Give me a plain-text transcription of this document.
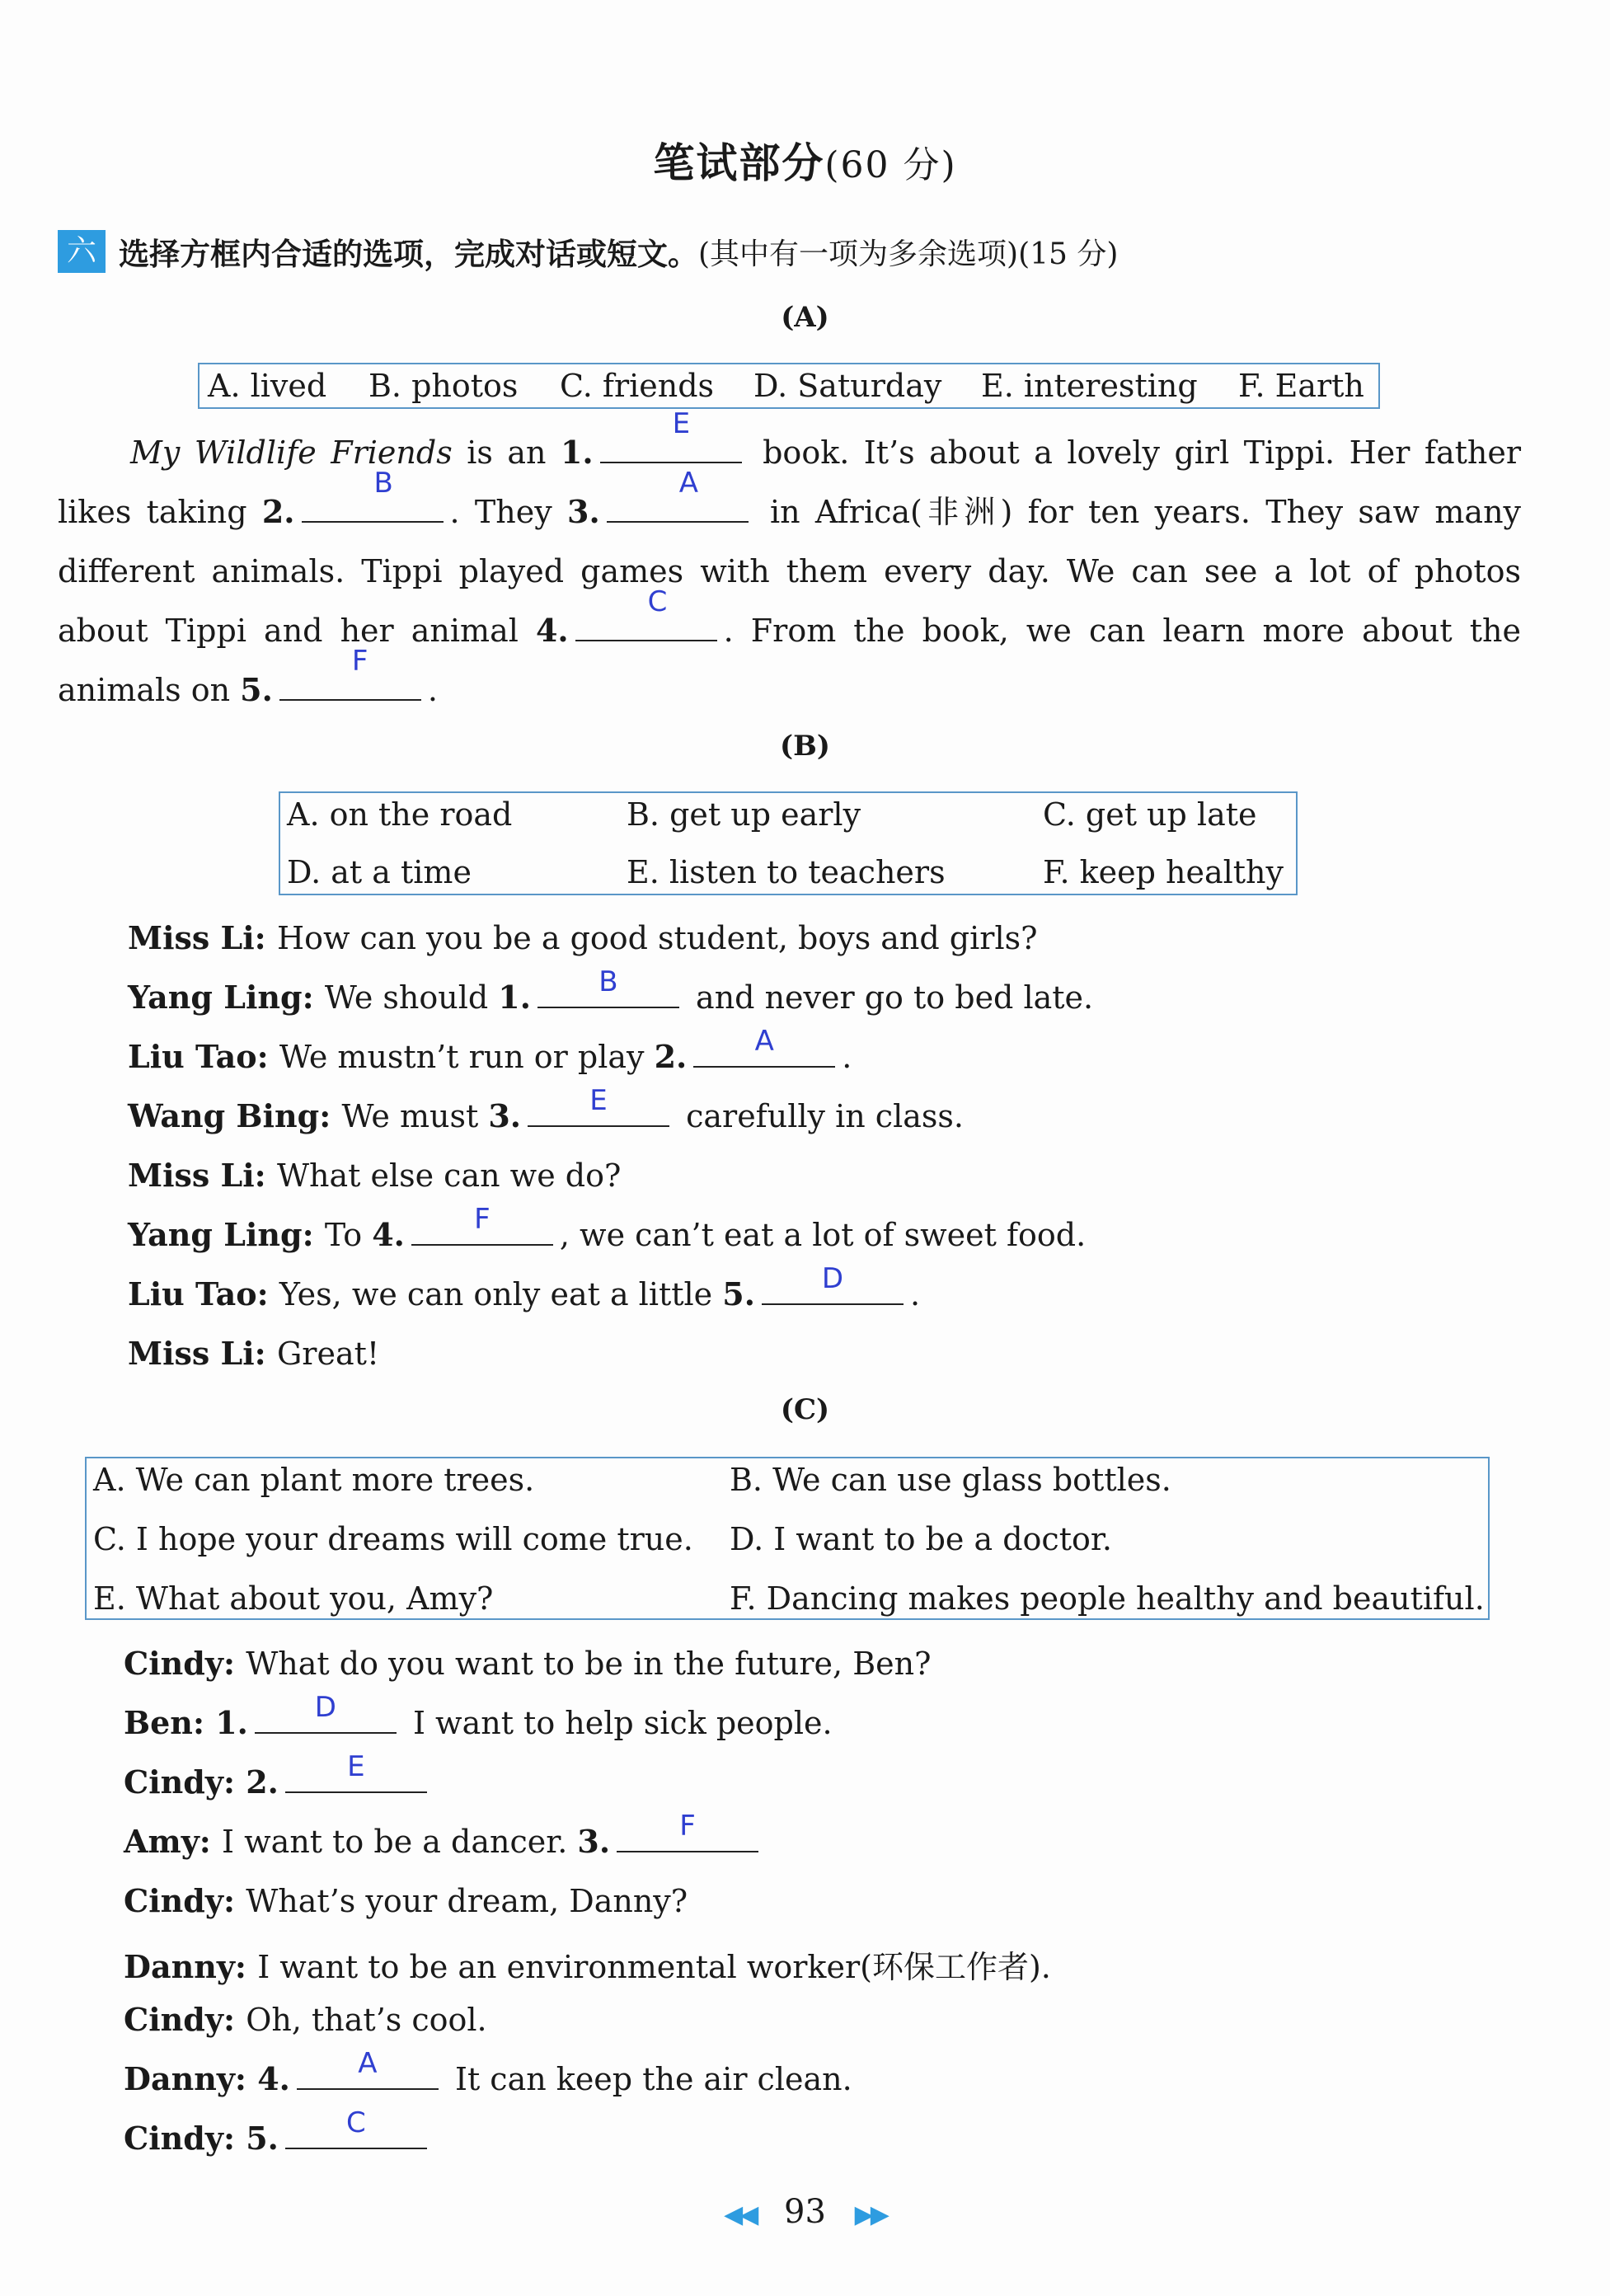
笔试部分(60 分)
六 选择方框内合适的选项，完成对话或短文。 (其中有一项为多余选项)(15 分)
(A)
A. lived B. photos C. friends D. Saturday E. interesting F. Earth
My Wildlife Friends is an 1.
E
book. It’s about a lovely girl Tippi. Her father likes taking 2.
B
. They 3.
A
in Africa(非洲) for ten years. They saw many different animals. Tippi played games with them every day. We can see a lot of photos about Tippi and her animal 4.
C
. From the book, we can learn more about the animals on 5.
F
.
(B)
A. on the road	B. get up early	C. get up late
D. at a time	E. listen to teachers	F. keep healthy
Miss Li: How can you be a good student, boys and girls?
Yang Ling: We should 1.	B	and never go to bed late.
Liu Tao: We mustn’t run or play 2.	A	.
Wang Bing: We must 3.	E	carefully in class.
Miss Li: What else can we do?
Yang Ling: To 4.	F	, we can’t eat a lot of sweet food.
Liu Tao: Yes, we can only eat a little 5.	D	.
Miss Li: Great!
(C)
A. We can plant more trees.	B. We can use glass bottles.
C. I hope your dreams will come true. D. I want to be a doctor.
E. What about you, Amy?	F. Dancing makes people healthy and beautiful.
Cindy: What do you want to be in the future, Ben?
Ben: 1.	D	I want to help sick people.
Cindy: 2.	E
Amy: I want to be a dancer. 3.	F
Cindy: What’s your dream, Danny?
Danny: I want to be an environmental worker(环保工作者).
Cindy: Oh, that’s cool.
Danny: 4.	A	It can keep the air clean.
Cindy: 5.	C
◀◀ 93 ▶▶
